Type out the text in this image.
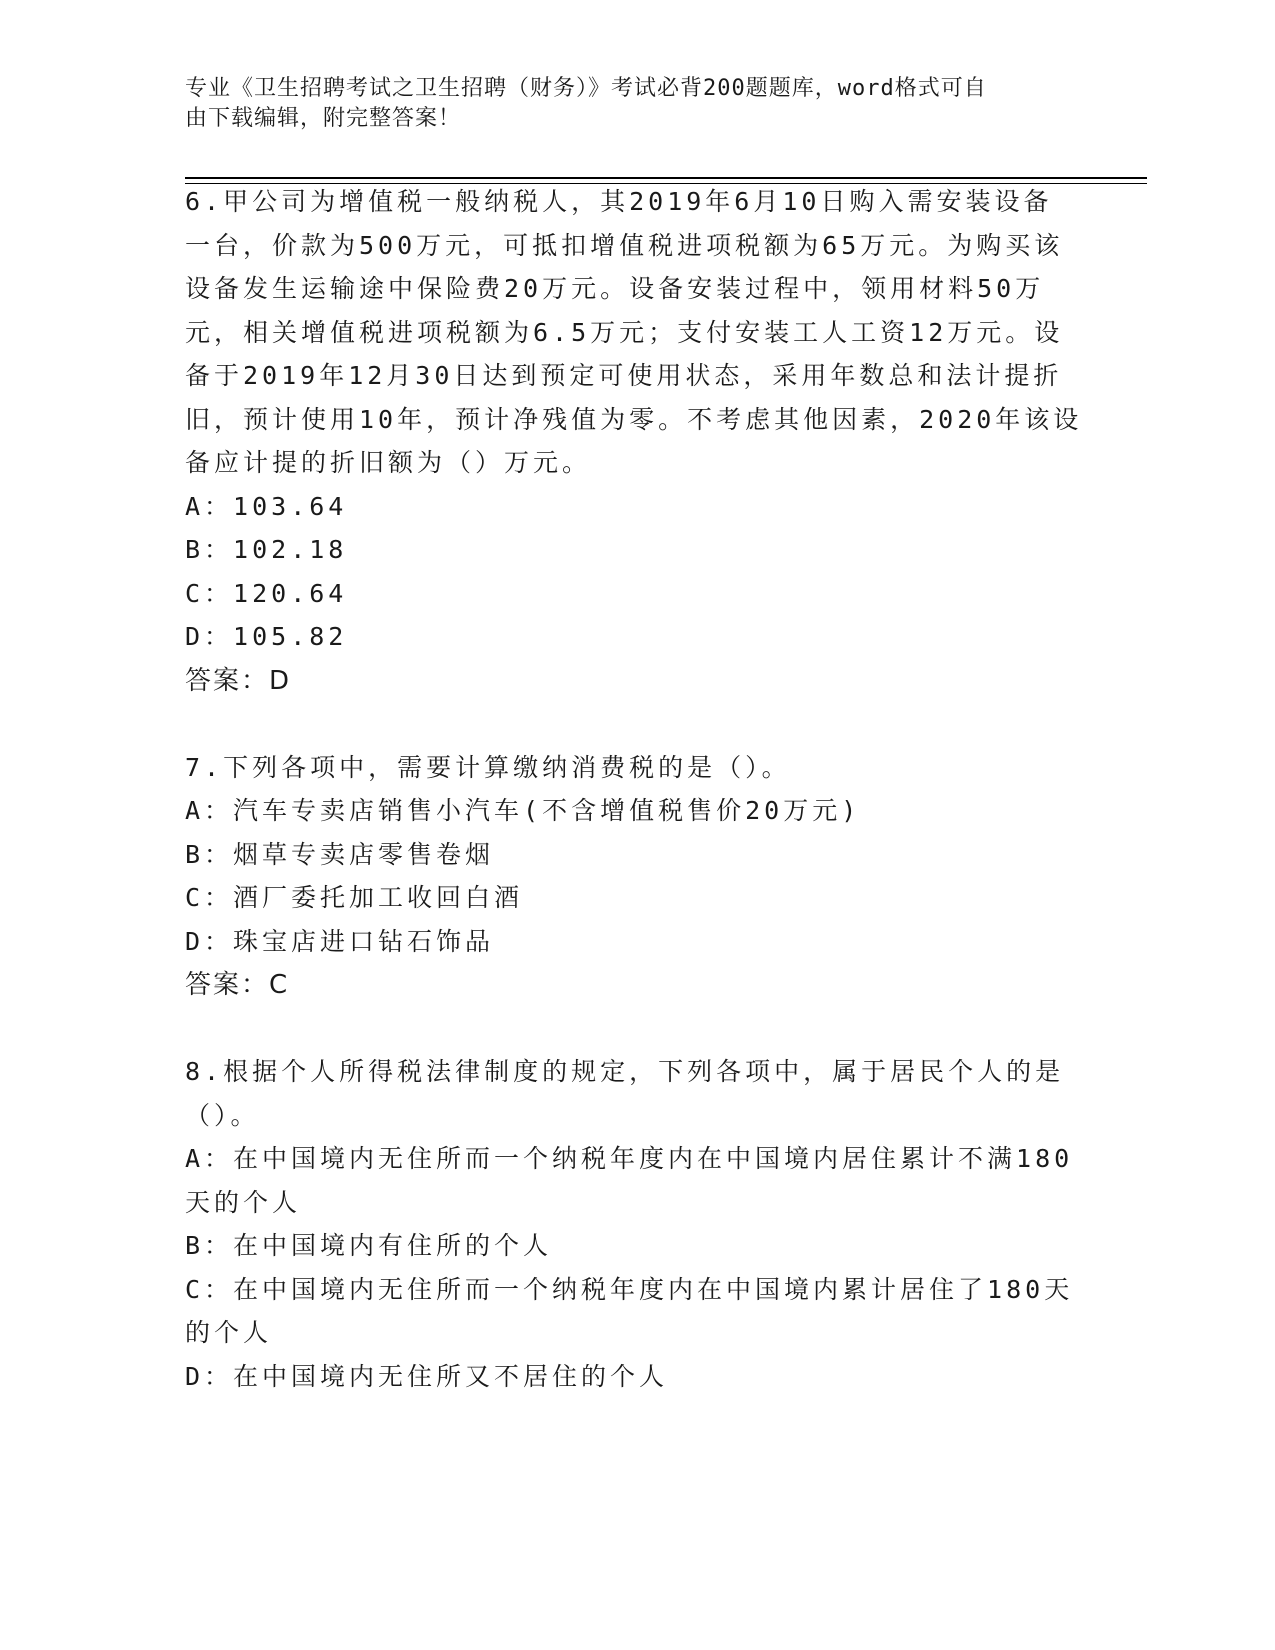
专业《卫生招聘考试之卫生招聘（财务）》考试必背200题题库，word格式可自
由下载编辑，附完整答案！
6.甲公司为增值税一般纳税人，其2019年6月10日购入需安装设备
一台，价款为500万元，可抵扣增值税进项税额为65万元。为购买该
设备发生运输途中保险费20万元。设备安装过程中，领用材料50万
元，相关增值税进项税额为6.5万元；支付安装工人工资12万元。设
备于2019年12月30日达到预定可使用状态，采用年数总和法计提折
旧，预计使用10年，预计净残值为零。不考虑其他因素，2020年该设
备应计提的折旧额为（）万元。
A：103.64
B：102.18
C：120.64
D：105.82
答案：D
7.下列各项中，需要计算缴纳消费税的是（）。
A：汽车专卖店销售小汽车(不含增值税售价20万元)
B：烟草专卖店零售卷烟
C：酒厂委托加工收回白酒
D：珠宝店进口钻石饰品
答案：C
8.根据个人所得税法律制度的规定，下列各项中，属于居民个人的是
（）。
A：在中国境内无住所而一个纳税年度内在中国境内居住累计不满180
天的个人
B：在中国境内有住所的个人
C：在中国境内无住所而一个纳税年度内在中国境内累计居住了180天
的个人
D：在中国境内无住所又不居住的个人
